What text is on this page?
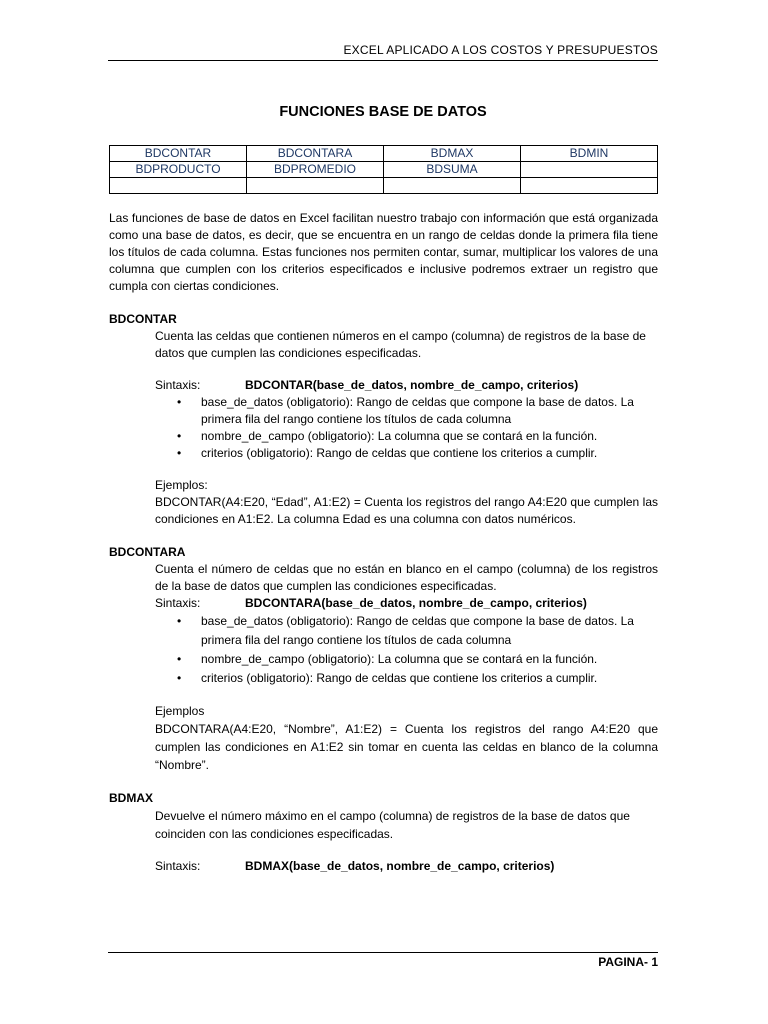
EXCEL APLICADO A LOS COSTOS Y PRESUPUESTOS
FUNCIONES BASE DE DATOS
BDCONTAR	BDCONTARA	BDMAX	BDMIN
BDPRODUCTO	BDPROMEDIO	BDSUMA	

Las funciones de base de datos en Excel facilitan nuestro trabajo con información que está organizada como una base de datos, es decir, que se encuentra en un rango de celdas donde la primera fila tiene los títulos de cada columna. Estas funciones nos permiten contar, sumar, multiplicar los valores de una columna que cumplen con los criterios especificados e inclusive podremos extraer un registro que cumpla con ciertas condiciones.

BDCONTAR

Cuenta las celdas que contienen números en el campo (columna) de registros de la base de datos que cumplen las condiciones especificadas.

Sintaxis:	BDCONTAR(base_de_datos, nombre_de_campo, criterios)

• base_de_datos (obligatorio): Rango de celdas que compone la base de datos. La primera fila del rango contiene los títulos de cada columna
• nombre_de_campo (obligatorio): La columna que se contará en la función.
• criterios (obligatorio): Rango de celdas que contiene los criterios a cumplir.

Ejemplos:

BDCONTAR(A4:E20, “Edad”, A1:E2) = Cuenta los registros del rango A4:E20 que cumplen las condiciones en A1:E2. La columna Edad es una columna con datos numéricos.

BDCONTARA

Cuenta el número de celdas que no están en blanco en el campo (columna) de los registros de la base de datos que cumplen las condiciones especificadas.

Sintaxis:	BDCONTARA(base_de_datos, nombre_de_campo, criterios)

• base_de_datos (obligatorio): Rango de celdas que compone la base de datos. La primera fila del rango contiene los títulos de cada columna
• nombre_de_campo (obligatorio): La columna que se contará en la función.
• criterios (obligatorio): Rango de celdas que contiene los criterios a cumplir.

Ejemplos

BDCONTARA(A4:E20, “Nombre”, A1:E2) = Cuenta los registros del rango A4:E20 que cumplen las condiciones en A1:E2 sin tomar en cuenta las celdas en blanco de la columna “Nombre”.

BDMAX

Devuelve el número máximo en el campo (columna) de registros de la base de datos que coinciden con las condiciones especificadas.

Sintaxis:	BDMAX(base_de_datos, nombre_de_campo, criterios)

PAGINA- 1
